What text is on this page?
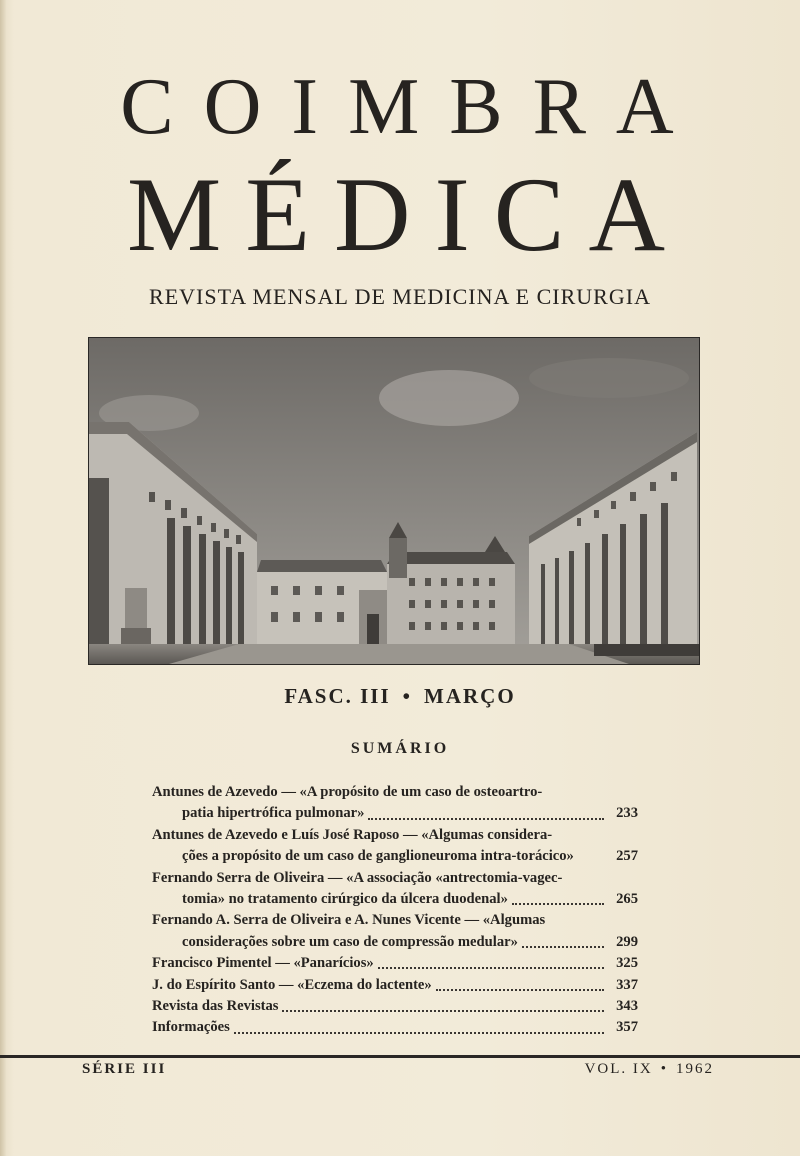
COIMBRA
MÉDICA
REVISTA MENSAL DE MEDICINA E CIRURGIA
FASC. III • MARÇO
SUMÁRIO
Antunes de Azevedo — «A propósito de um caso de osteoartro-
patia hipertrófica pulmonar»	233
Antunes de Azevedo e Luís José Raposo — «Algumas considera-
ções a propósito de um caso de ganglioneuroma intra-torácico»	257
Fernando Serra de Oliveira — «A associação «antrectomia-vagec-
tomia» no tratamento cirúrgico da úlcera duodenal»	265
Fernando A. Serra de Oliveira e A. Nunes Vicente — «Algumas
considerações sobre um caso de compressão medular»	299
Francisco Pimentel — «Panarícios»	325
J. do Espírito Santo — «Eczema do lactente»	337
Revista das Revistas	343
Informações	357
SÉRIE III	VOL. IX • 1962
